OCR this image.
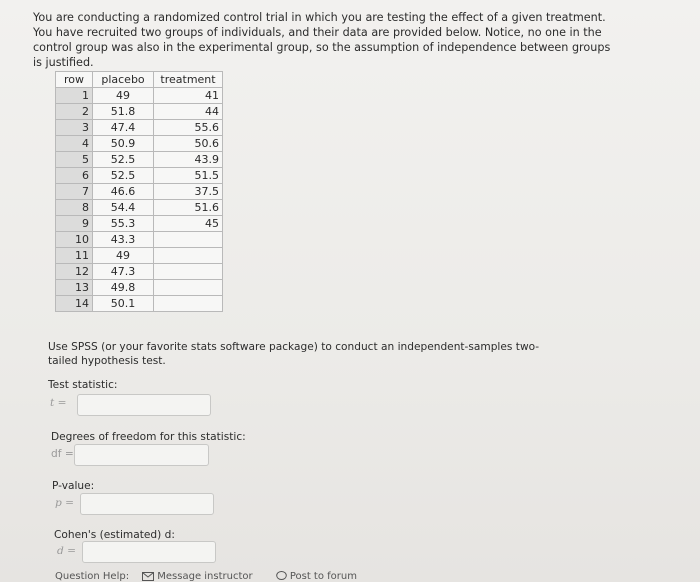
You are conducting a randomized control trial in which you are testing the effect of a given treatment. You have recruited two groups of individuals, and their data are provided below. Notice, no one in the control group was also in the experimental group, so the assumption of independence between groups is justified.
row	placebo	treatment
1	49	41
2	51.8	44
3	47.4	55.6
4	50.9	50.6
5	52.5	43.9
6	52.5	51.5
7	46.6	37.5
8	54.4	51.6
9	55.3	45
10	43.3	
11	49	
12	47.3	
13	49.8	
14	50.1	
Use SPSS (or your favorite stats software package) to conduct an independent-samples two-tailed hypothesis test.
Test statistic:
t =
Degrees of freedom for this statistic:
df =
P-value:
p =
Cohen's (estimated) d:
d =
Question Help:	Message instructor	Post to forum
